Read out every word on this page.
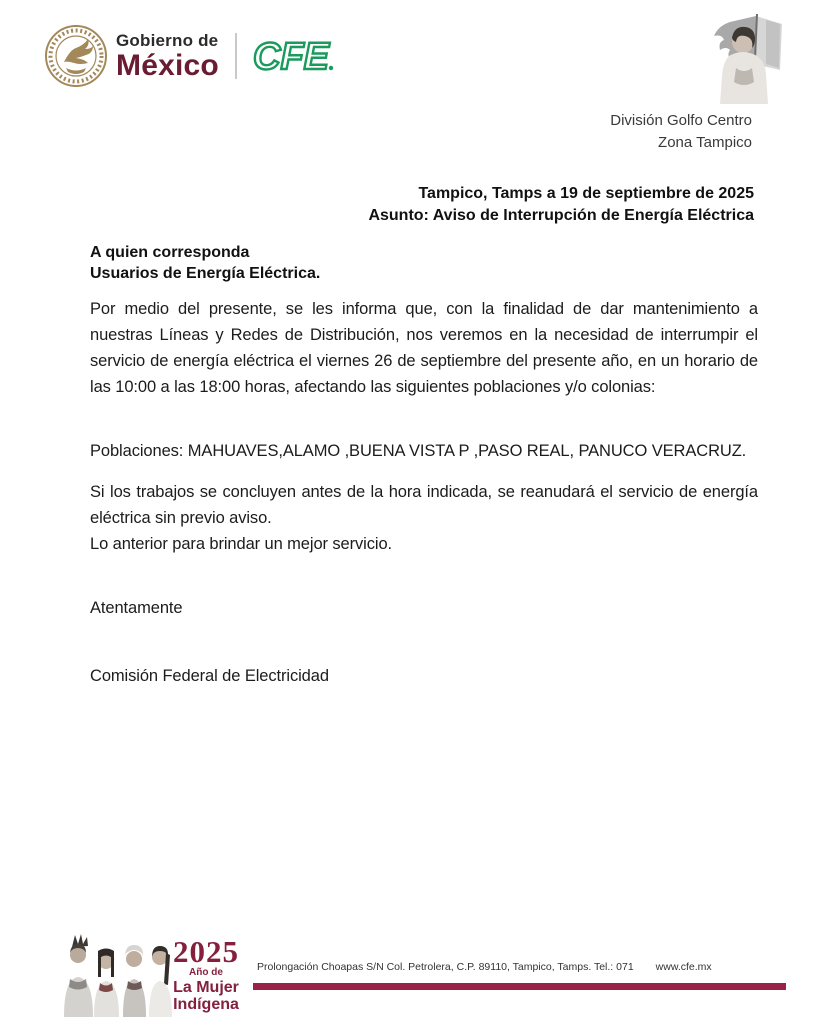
Gobierno de
México CFE
División Golfo Centro
Zona Tampico
Tampico, Tamps a 19 de septiembre de 2025
Asunto: Aviso de Interrupción de Energía Eléctrica
A quien corresponda
Usuarios de Energía Eléctrica.

Por medio del presente, se les informa que, con la finalidad de dar mantenimiento a nuestras Líneas y Redes de Distribución, nos veremos en la necesidad de interrumpir el servicio de energía eléctrica el viernes 26 de septiembre del presente año, en un horario de las 10:00 a las 18:00 horas, afectando las siguientes poblaciones y/o colonias:

Poblaciones: MAHUAVES,ALAMO ,BUENA VISTA P ,PASO REAL, PANUCO VERACRUZ.

Si los trabajos se concluyen antes de la hora indicada, se reanudará el servicio de energía eléctrica sin previo aviso.
Lo anterior para brindar un mejor servicio.

Atentamente

Comisión Federal de Electricidad

2025
Año de
La Mujer
Indígena
Prolongación Choapas S/N Col. Petrolera, C.P. 89110, Tampico, Tamps. Tel.: 071 www.cfe.mx
